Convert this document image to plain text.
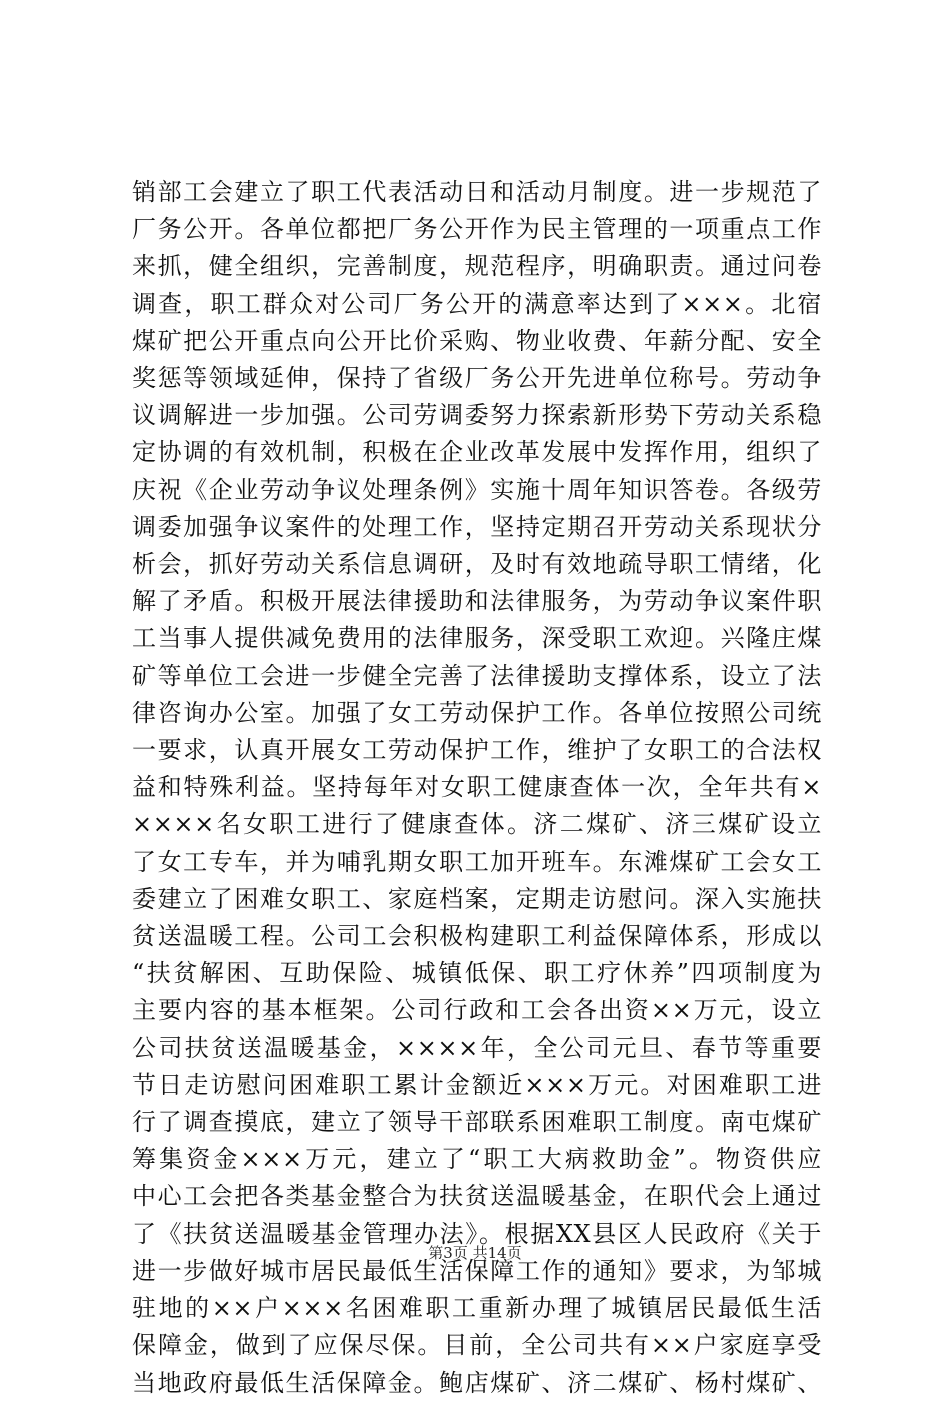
销部工会建立了职工代表活动日和活动月制度。进一步规范了
厂务公开。各单位都把厂务公开作为民主管理的一项重点工作
来抓，健全组织，完善制度，规范程序，明确职责。通过问卷
调查，职工群众对公司厂务公开的满意率达到了×××。北宿
煤矿把公开重点向公开比价采购、物业收费、年薪分配、安全
奖惩等领域延伸，保持了省级厂务公开先进单位称号。劳动争
议调解进一步加强。公司劳调委努力探索新形势下劳动关系稳
定协调的有效机制，积极在企业改革发展中发挥作用，组织了
庆祝《企业劳动争议处理条例》实施十周年知识答卷。各级劳
调委加强争议案件的处理工作，坚持定期召开劳动关系现状分
析会，抓好劳动关系信息调研，及时有效地疏导职工情绪，化
解了矛盾。积极开展法律援助和法律服务，为劳动争议案件职
工当事人提供减免费用的法律服务，深受职工欢迎。兴隆庄煤
矿等单位工会进一步健全完善了法律援助支撑体系，设立了法
律咨询办公室。加强了女工劳动保护工作。各单位按照公司统
一要求，认真开展女工劳动保护工作，维护了女职工的合法权
益和特殊利益。坚持每年对女职工健康查体一次，全年共有×
××××名女职工进行了健康查体。济二煤矿、济三煤矿设立
了女工专车，并为哺乳期女职工加开班车。东滩煤矿工会女工
委建立了困难女职工、家庭档案，定期走访慰问。深入实施扶
贫送温暖工程。公司工会积极构建职工利益保障体系，形成以
“扶贫解困、互助保险、城镇低保、职工疗休养”四项制度为
主要内容的基本框架。公司行政和工会各出资××万元，设立
公司扶贫送温暖基金，××××年，全公司元旦、春节等重要
节日走访慰问困难职工累计金额近×××万元。对困难职工进
行了调查摸底，建立了领导干部联系困难职工制度。南屯煤矿
筹集资金×××万元，建立了“职工大病救助金”。物资供应
中心工会把各类基金整合为扶贫送温暖基金，在职代会上通过
了《扶贫送温暖基金管理办法》。根据XX县区人民政府《关于
进一步做好城市居民最低生活保障工作的通知》要求，为邹城
驻地的××户×××名困难职工重新办理了城镇居民最低生活
保障金，做到了应保尽保。目前，全公司共有××户家庭享受
当地政府最低生活保障金。鲍店煤矿、济二煤矿、杨村煤矿、
第3页 共14页
